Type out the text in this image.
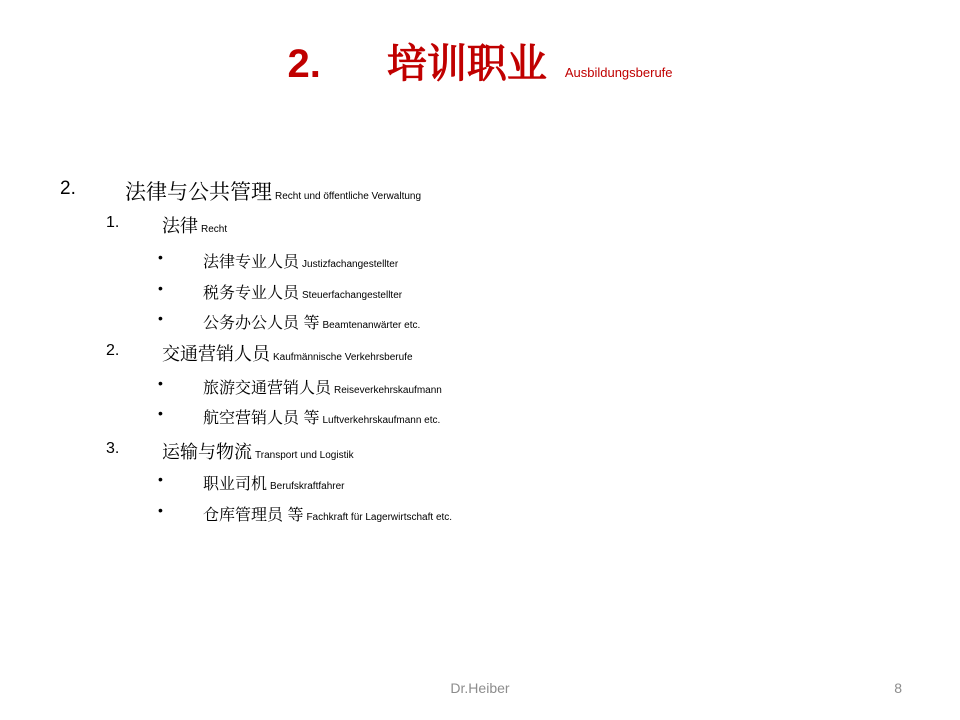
2. 培训职业 Ausbildungsberufe
2. 法律与公共管理 Recht und öffentliche Verwaltung
1. 法律 Recht
•	法律专业人员 Justizfachangestellter
•	税务专业人员 Steuerfachangestellter
•	公务办公人员 等 Beamtenanwärter etc.
2. 交通营销人员 Kaufmännische Verkehrsberufe
•	旅游交通营销人员 Reiseverkehrskaufmann
•	航空营销人员 等 Luftverkehrskaufmann etc.
3. 运输与物流 Transport und Logistik
•	职业司机 Berufskraftfahrer
•	仓库管理员 等 Fachkraft für Lagerwirtschaft etc.
Dr.Heiber	8
